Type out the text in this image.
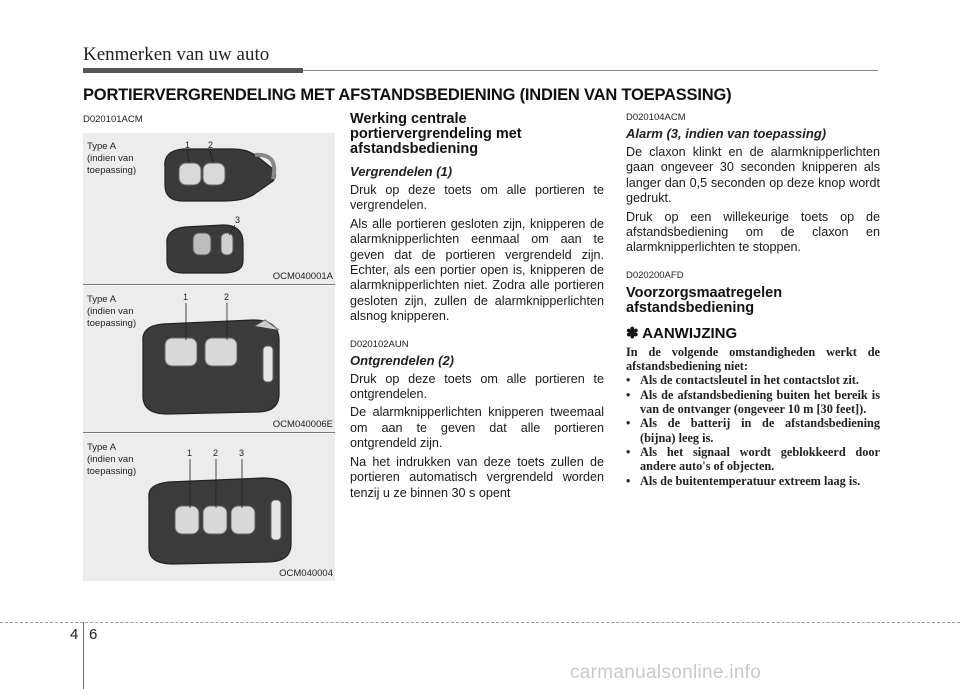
Kenmerken van uw auto
PORTIERVERGRENDELING MET AFSTANDSBEDIENING (INDIEN VAN TOEPASSING)
D020101ACM
Type A
(indien van
toepassing)
1 2
3
OCM040001A
Type A
(indien van
toepassing)
1	2
OCM040006E
Type A
(indien van
toepassing)
1 2 3
OCM040004
Werking centrale portiervergrendeling met afstandsbediening
Vergrendelen (1)
Druk op deze toets om alle portieren te vergrendelen.
Als alle portieren gesloten zijn, knipperen de alarmknipperlichten eenmaal om aan te geven dat de portieren vergrendeld zijn. Echter, als een portier open is, knipperen de alarmknipperlichten niet. Zodra alle portieren gesloten zijn, zullen de alarmknipperlichten alsnog knipperen.
D020102AUN
Ontgrendelen (2)
Druk op deze toets om alle portieren te ontgrendelen.
De alarmknipperlichten knipperen tweemaal om aan te geven dat alle portieren ontgrendeld zijn.
Na het indrukken van deze toets zullen de portieren automatisch vergrendeld worden tenzij u ze binnen 30 s opent
D020104ACM
Alarm (3, indien van toepassing)
De claxon klinkt en de alarmknipperlichten gaan ongeveer 30 seconden knipperen als langer dan 0,5 seconden op deze knop wordt gedrukt.
Druk op een willekeurige toets op de afstandsbediening om de claxon en alarmknipperlichten te stoppen.
D020200AFD
Voorzorgsmaatregelen afstandsbediening
✽ AANWIJZING
In de volgende omstandigheden werkt de afstandsbediening niet:
• Als de contactsleutel in het contactslot zit.
• Als de afstandsbediening buiten het bereik is van de ontvanger (ongeveer 10 m [30 feet]).
• Als de batterij in de afstandsbediening (bijna) leeg is.
• Als het signaal wordt geblokkeerd door andere auto's of objecten.
• Als de buitentemperatuur extreem laag is.
4 6
carmanualsonline.info
